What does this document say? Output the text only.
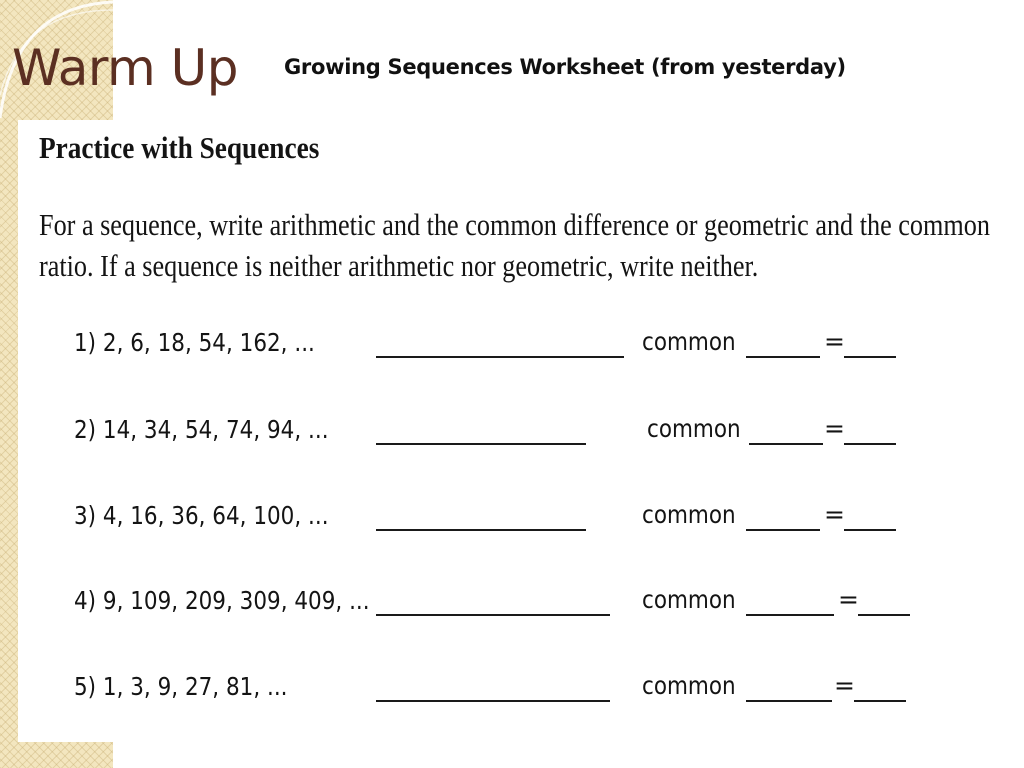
Warm Up Growing Sequences Worksheet (from yesterday)
Practice with Sequences
For a sequence, write arithmetic and the common difference or geometric and the common
ratio. If a sequence is neither arithmetic nor geometric, write neither.
1) 2, 6, 18, 54, 162, ...	common	=
2) 14, 34, 54, 74, 94, ...	common	=
3) 4, 16, 36, 64, 100, ...	common	=
4) 9, 109, 209, 309, 409, ...	common	=
5) 1, 3, 9, 27, 81, ...	common	=
